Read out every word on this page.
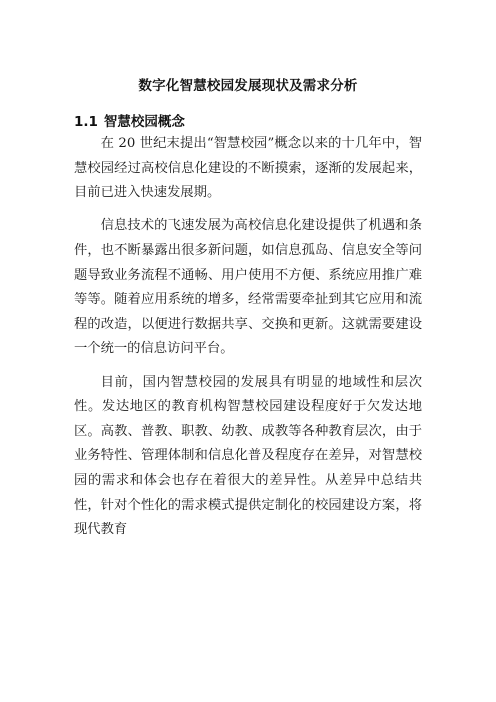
数字化智慧校园发展现状及需求分析
1.1 智慧校园概念

在 20 世纪末提出“智慧校园”概念以来的十几年中，智慧校园经过高校信息化建设的不断摸索，逐渐的发展起来，目前已进入快速发展期。

信息技术的飞速发展为高校信息化建设提供了机遇和条件，也不断暴露出很多新问题，如信息孤岛、信息安全等问题导致业务流程不通畅、用户使用不方便、系统应用推广难等等。随着应用系统的增多，经常需要牵扯到其它应用和流程的改造，以便进行数据共享、交换和更新。这就需要建设一个统一的信息访问平台。

目前，国内智慧校园的发展具有明显的地域性和层次性。发达地区的教育机构智慧校园建设程度好于欠发达地区。高教、普教、职教、幼教、成教等各种教育层次，由于业务特性、管理体制和信息化普及程度存在差异，对智慧校园的需求和体会也存在着很大的差异性。从差异中总结共性，针对个性化的需求模式提供定制化的校园建设方案，将现代教育
